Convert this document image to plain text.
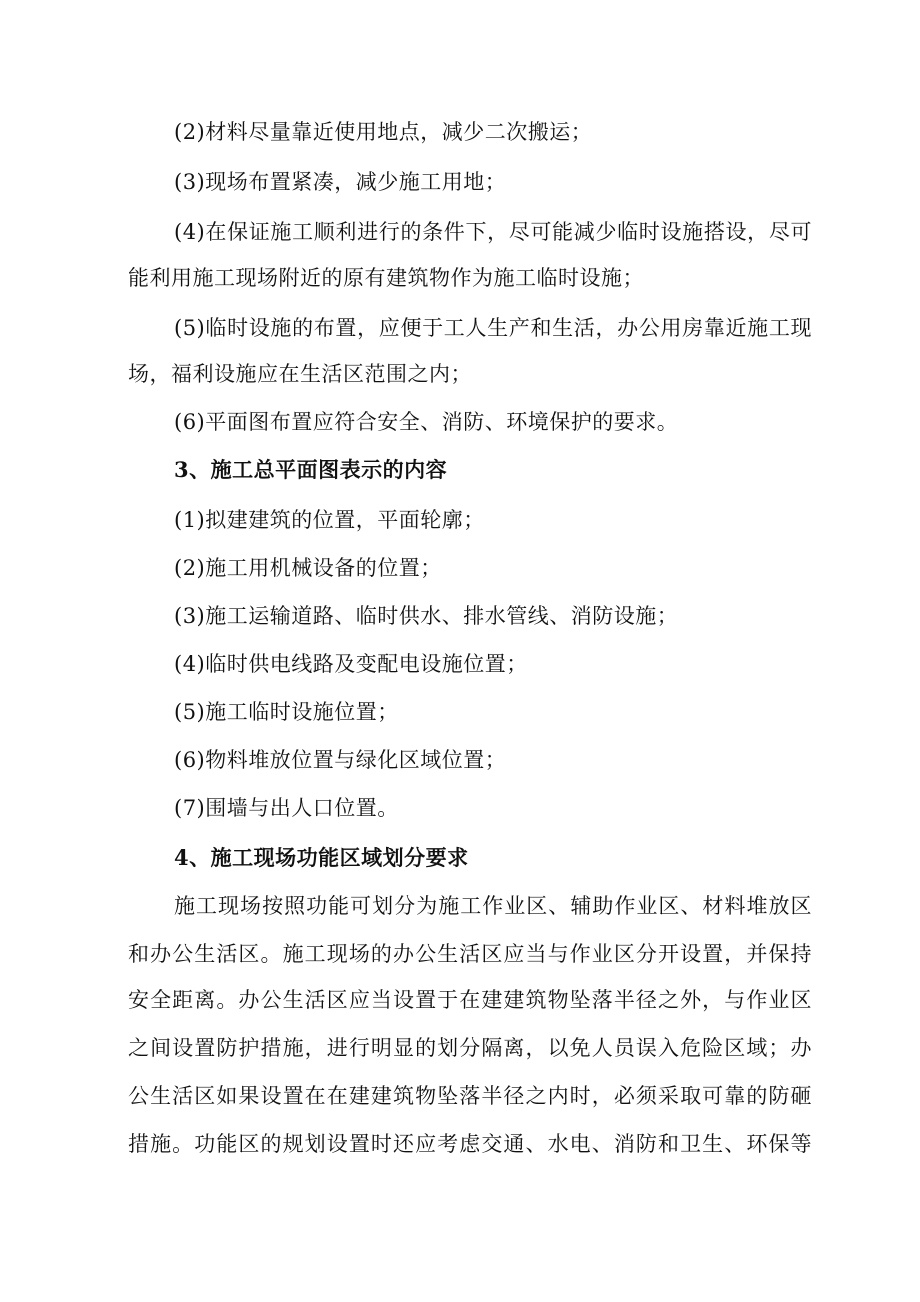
(2)材料尽量靠近使用地点，减少二次搬运；
(3)现场布置紧凑，减少施工用地；
(4)在保证施工顺利进行的条件下，尽可能减少临时设施搭设，尽可
能利用施工现场附近的原有建筑物作为施工临时设施；
(5)临时设施的布置，应便于工人生产和生活，办公用房靠近施工现
场，福利设施应在生活区范围之内；
(6)平面图布置应符合安全、消防、环境保护的要求。
3、施工总平面图表示的内容
(1)拟建建筑的位置，平面轮廓；
(2)施工用机械设备的位置；
(3)施工运输道路、临时供水、排水管线、消防设施；
(4)临时供电线路及变配电设施位置；
(5)施工临时设施位置；
(6)物料堆放位置与绿化区域位置；
(7)围墙与出人口位置。
4、施工现场功能区域划分要求
施工现场按照功能可划分为施工作业区、辅助作业区、材料堆放区
和办公生活区。施工现场的办公生活区应当与作业区分开设置，并保持
安全距离。办公生活区应当设置于在建建筑物坠落半径之外，与作业区
之间设置防护措施，进行明显的划分隔离，以免人员误入危险区域；办
公生活区如果设置在在建建筑物坠落半径之内时，必须采取可靠的防砸
措施。功能区的规划设置时还应考虑交通、水电、消防和卫生、环保等
